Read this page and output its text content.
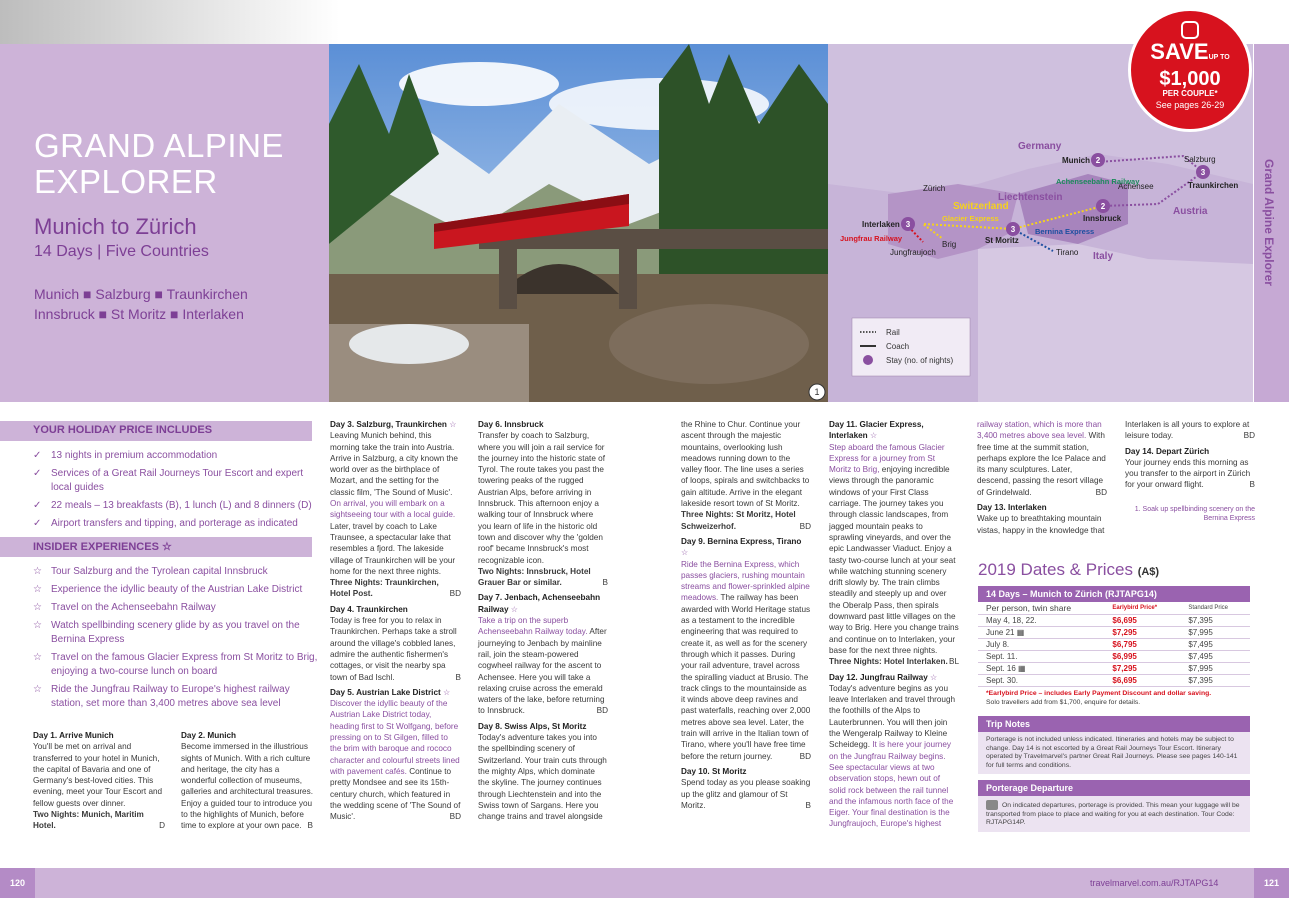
GRAND ALPINE
EXPLORER
Munich to Zürich
14 Days | Five Countries
Munich ■ Salzburg ■ Traunkirchen
Innsbruck ■ St Moritz ■ Interlaken
1
Germany
Switzerland
Liechtenstein
Austria
Italy
2
Munich	Salzburg
3
Traunkirchen
Achensee
2
Innsbruck
3
St Moritz
Tirano
3
Interlaken
Brig
Jungfraujoch
Zürich
Achenseebahn Railway
Glacier Express
Bernina Express
Jungfrau Railway
Rail
Coach
Stay (no. of nights)
Grand Alpine Explorer
SAVEUP TO
$1,000
PER COUPLE*
See pages 26-29
YOUR HOLIDAY PRICE INCLUDES
✓ 13 nights in premium accommodation
✓ Services of a Great Rail Journeys Tour Escort and expert local guides
✓ 22 meals – 13 breakfasts (B), 1 lunch (L) and 8 dinners (D)
✓ Airport transfers and tipping, and porterage as indicated
INSIDER EXPERIENCES ☆
☆ Tour Salzburg and the Tyrolean capital Innsbruck
☆ Experience the idyllic beauty of the Austrian Lake District
☆ Travel on the Achenseebahn Railway
☆ Watch spellbinding scenery glide by as you travel on the Bernina Express
☆ Travel on the famous Glacier Express from St Moritz to Brig, enjoying a two-course lunch on board
☆ Ride the Jungfrau Railway to Europe's highest railway station, set more than 3,400 metres above sea level
Day 1. Arrive Munich
You'll be met on arrival and transferred to your hotel in Munich, the capital of Bavaria and one of Germany's best-loved cities. This evening, meet your Tour Escort and fellow guests over dinner.
Two Nights: Munich, Maritim Hotel.	D
Day 2. Munich
Become immersed in the illustrious sights of Munich. With a rich culture and heritage, the city has a wonderful collection of museums, galleries and architectural treasures. Enjoy a guided tour to introduce you to the highlights of Munich, before time to explore at your own pace. B

Day 3. Salzburg, Traunkirchen ☆
Leaving Munich behind, this morning take the train into Austria. Arrive in Salzburg, a city known the world over as the birthplace of Mozart, and the setting for the classic film, 'The Sound of Music'. On arrival, you will embark on a sightseeing tour with a local guide. Later, travel by coach to Lake Traunsee, a spectacular lake that resembles a fjord. The lakeside village of Traunkirchen will be your home for the next three nights.
Three Nights: Traunkirchen, Hotel Post.	BD

Day 4. Traunkirchen
Today is free for you to relax in Traunkirchen. Perhaps take a stroll around the village's cobbled lanes, admire the authentic fishermen's cottages, or visit the nearby spa town of Bad Ischl.	B

Day 5. Austrian Lake District ☆
Discover the idyllic beauty of the Austrian Lake District today, heading first to St Wolfgang, before pressing on to St Gilgen, filled to the brim with baroque and rococo character and colourful streets lined with pavement cafés. Continue to pretty Mondsee and see its 15th-century church, which featured in the wedding scene of 'The Sound of Music'.	BD

Day 6. Innsbruck
Transfer by coach to Salzburg, where you will join a rail service for the journey into the historic state of Tyrol. The route takes you past the towering peaks of the rugged Austrian Alps, before arriving in Innsbruck. This afternoon enjoy a walking tour of Innsbruck where you learn of life in the historic old town and discover why the 'golden roof' became Innsbruck's most recognizable icon.
Two Nights: Innsbruck, Hotel Grauer Bar or similar.	B

Day 7. Jenbach, Achenseebahn Railway ☆
Take a trip on the superb Achenseebahn Railway today. After journeying to Jenbach by mainline rail, join the steam-powered cogwheel railway for the ascent to Achensee. Here you will take a relaxing cruise across the emerald waters of the lake, before returning to Innsbruck.	BD

Day 8. Swiss Alps, St Moritz
Today's adventure takes you into the spellbinding scenery of Switzerland. Your train cuts through the mighty Alps, which dominate the skyline. The journey continues through Liechtenstein and into the Swiss town of Sargans. Here you change trains and travel alongside

the Rhine to Chur. Continue your ascent through the majestic mountains, overlooking lush meadows running down to the valley floor. The line uses a series of loops, spirals and switchbacks to gain altitude. Arrive in the elegant lakeside resort town of St Moritz.
Three Nights: St Moritz, Hotel Schweizerhof.	BD

Day 9. Bernina Express, Tirano ☆
Ride the Bernina Express, which passes glaciers, rushing mountain streams and flower-sprinkled alpine meadows. The railway has been awarded with World Heritage status as a testament to the incredible engineering that was required to create it, as well as for the scenery through which it passes. During your rail adventure, travel across the spiralling viaduct at Brusio. The track clings to the mountainside as it winds above deep ravines and past waterfalls, reaching over 2,000 metres above sea level. Later, the train will arrive in the Italian town of Tirano, where you'll have free time before the return journey.	BD

Day 10. St Moritz
Spend today as you please soaking up the glitz and glamour of St Moritz.	B

Day 11. Glacier Express, Interlaken ☆
Step aboard the famous Glacier Express for a journey from St Moritz to Brig, enjoying incredible views through the panoramic windows of your First Class carriage. The journey takes you through classic landscapes, from jagged mountain peaks to sprawling vineyards, and over the epic Landwasser Viaduct. Enjoy a tasty two-course lunch at your seat while watching stunning scenery drift slowly by. The train climbs steadily and steeply up and over the Oberalp Pass, then spirals downward past little villages on the way to Brig. Here you change trains and continue on to Interlaken, your base for the next three nights.
Three Nights: Hotel Interlaken. BL

Day 12. Jungfrau Railway ☆
Today's adventure begins as you leave Interlaken and travel through the foothills of the Alps to Lauterbrunnen. You will then join the Wengeralp Railway to Kleine Scheidegg. It is here your journey on the Jungfrau Railway begins. See spectacular views at two observation stops, hewn out of solid rock between the rail tunnel and the infamous north face of the Eiger. Your final destination is the Jungfraujoch, Europe's highest

railway station, which is more than 3,400 metres above sea level. With free time at the summit station, perhaps explore the Ice Palace and its many sculptures. Later, descend, passing the resort village of Grindelwald.	BD

Day 13. Interlaken
Wake up to breathtaking mountain vistas, happy in the knowledge that

Interlaken is all yours to explore at leisure today.	BD

Day 14. Depart Zürich
Your journey ends this morning as you transfer to the airport in Zürich for your onward flight.	B

1. Soak up spellbinding scenery on the Bernina Express

2019 Dates & Prices (A$)
14 Days – Munich to Zürich (RJTAPG14)
Per person, twin share	Earlybird Price*	Standard Price
May 4, 18, 22.	$6,695	$7,395
June 21 ▦	$7,295	$7,995
July 8.	$6,795	$7,495
Sept. 11.	$6,995	$7,495
Sept. 16 ▦	$7,295	$7,995
Sept. 30.	$6,695	$7,395
*Earlybird Price – includes Early Payment Discount and dollar saving.
Solo travellers add from $1,700, enquire for details.
Trip Notes
Porterage is not included unless indicated. Itineraries and hotels may be subject to change. Day 14 is not escorted by a Great Rail Journeys Tour Escort. Itinerary operated by Travelmarvel's partner Great Rail Journeys. Please see pages 140-141 for full terms and conditions.
Porterage Departure
On indicated departures, porterage is provided. This mean your luggage will be transported from place to place and waiting for you at each destination. Tour Code: RJTAPG14P.
120	121
travelmarvel.com.au/RJTAPG14
